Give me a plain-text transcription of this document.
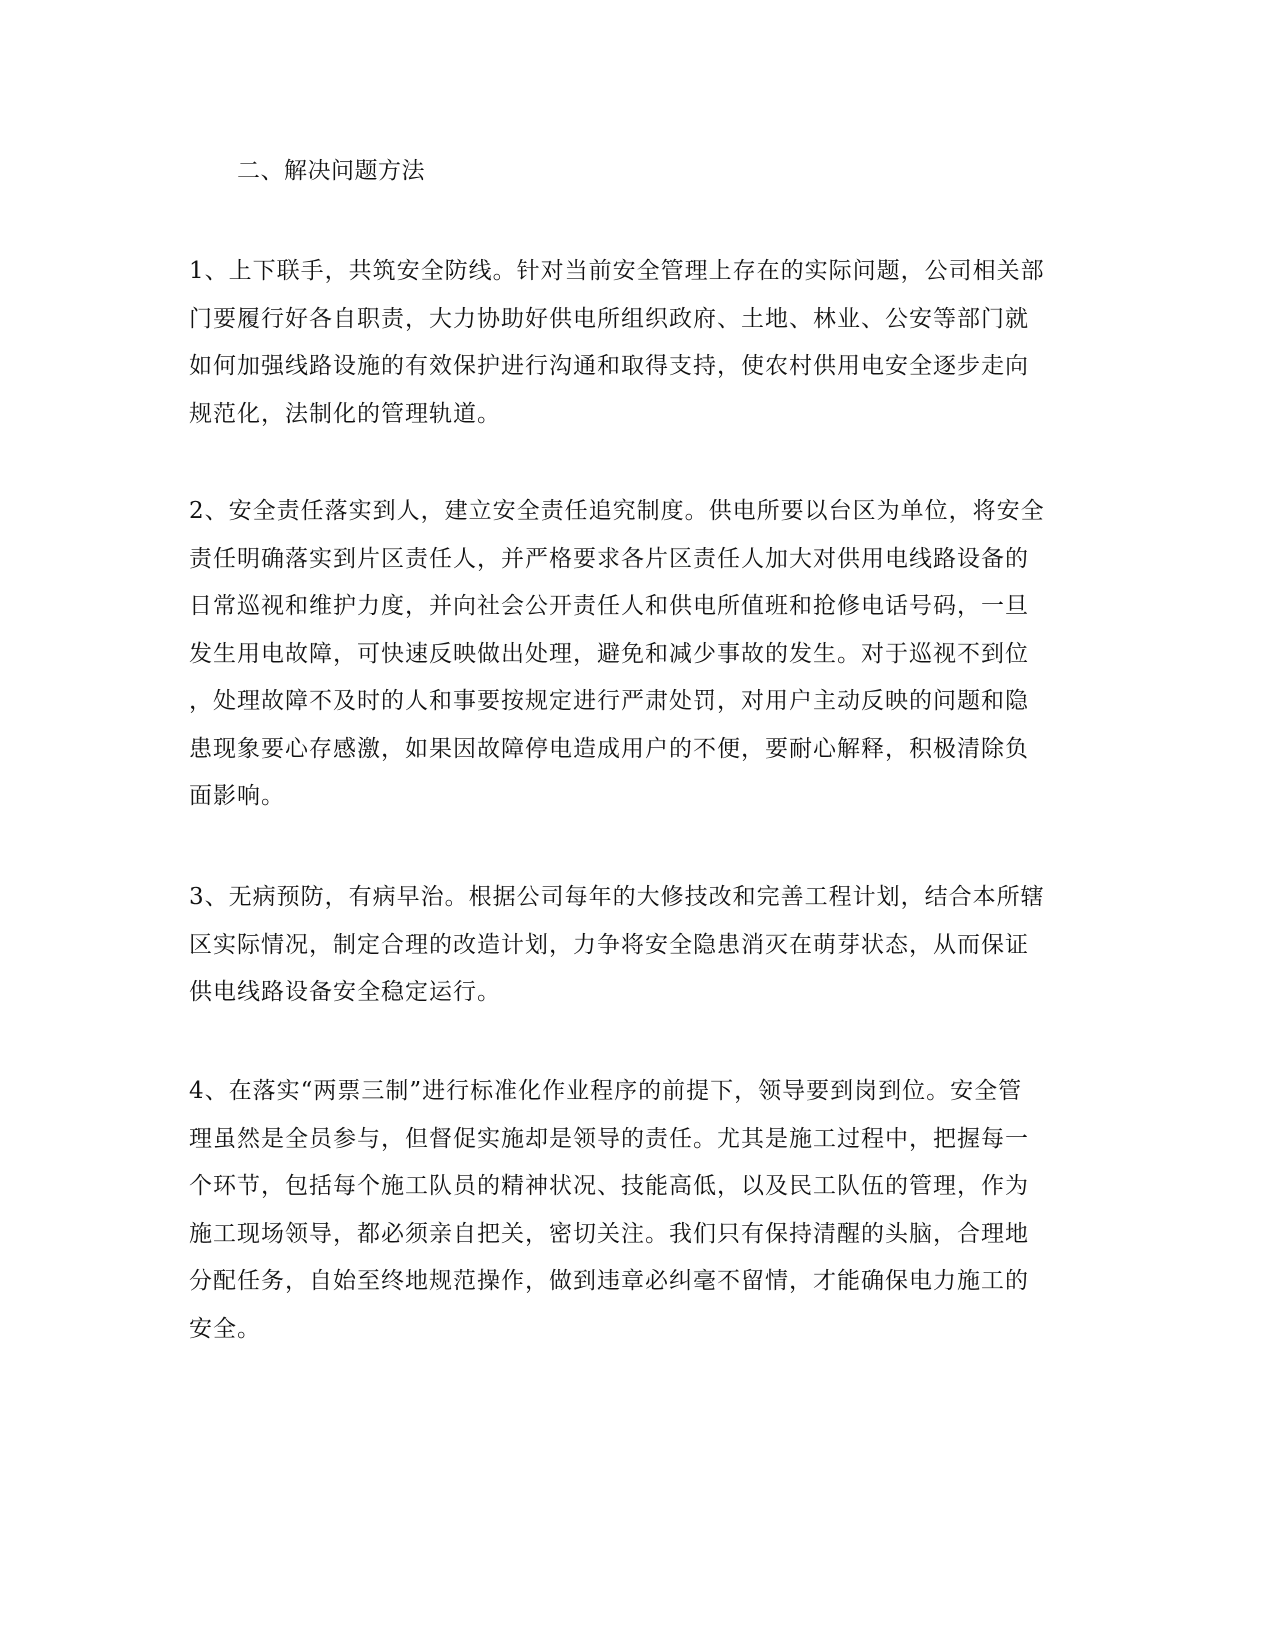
二、解决问题方法
1、上下联手，共筑安全防线。针对当前安全管理上存在的实际问题，公司相关部
门要履行好各自职责，大力协助好供电所组织政府、土地、林业、公安等部门就
如何加强线路设施的有效保护进行沟通和取得支持，使农村供用电安全逐步走向
规范化，法制化的管理轨道。
2、安全责任落实到人，建立安全责任追究制度。供电所要以台区为单位，将安全
责任明确落实到片区责任人，并严格要求各片区责任人加大对供用电线路设备的
日常巡视和维护力度，并向社会公开责任人和供电所值班和抢修电话号码，一旦
发生用电故障，可快速反映做出处理，避免和减少事故的发生。对于巡视不到位
，处理故障不及时的人和事要按规定进行严肃处罚，对用户主动反映的问题和隐
患现象要心存感激，如果因故障停电造成用户的不便，要耐心解释，积极清除负
面影响。
3、无病预防，有病早治。根据公司每年的大修技改和完善工程计划，结合本所辖
区实际情况，制定合理的改造计划，力争将安全隐患消灭在萌芽状态，从而保证
供电线路设备安全稳定运行。
4、在落实“两票三制”进行标准化作业程序的前提下，领导要到岗到位。安全管
理虽然是全员参与，但督促实施却是领导的责任。尤其是施工过程中，把握每一
个环节，包括每个施工队员的精神状况、技能高低，以及民工队伍的管理，作为
施工现场领导，都必须亲自把关，密切关注。我们只有保持清醒的头脑，合理地
分配任务，自始至终地规范操作，做到违章必纠毫不留情，才能确保电力施工的
安全。
